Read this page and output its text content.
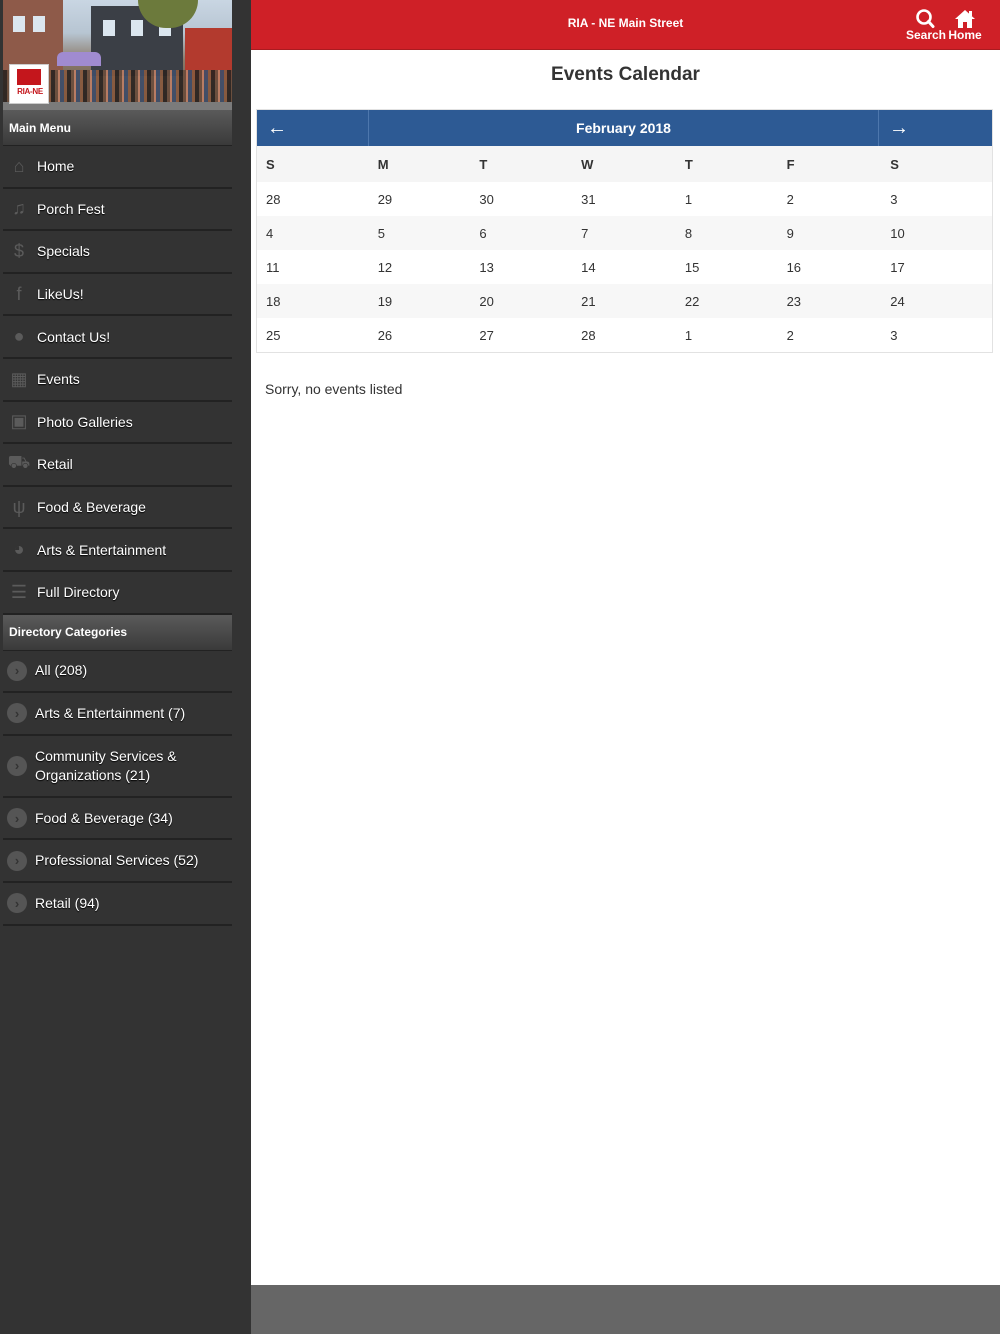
RIA-NE
Main Menu
⌂ Home
♫ Porch Fest
$ Specials
f	LikeUs!
● Contact Us!
▦ Events
▣ Photo Galleries
⛟ Retail
ψ Food & Beverage
◕ Arts & Entertainment
☰ Full Directory
Directory Categories
›	All (208)
›	Arts & Entertainment (7)
›
Community Services & Organizations (21)
›	Food & Beverage (34)
›	Professional Services (52)
›	Retail (94)
RIA - NE Main Street
Search Home
Events Calendar
←	February 2018	→
S	M	T	W	T	F	S
28	29	30	31	1	2	3
4	5	6	7	8	9	10
11	12	13	14	15	16	17
18	19	20	21	22	23	24
25	26	27	28	1	2	3
Sorry, no events listed
